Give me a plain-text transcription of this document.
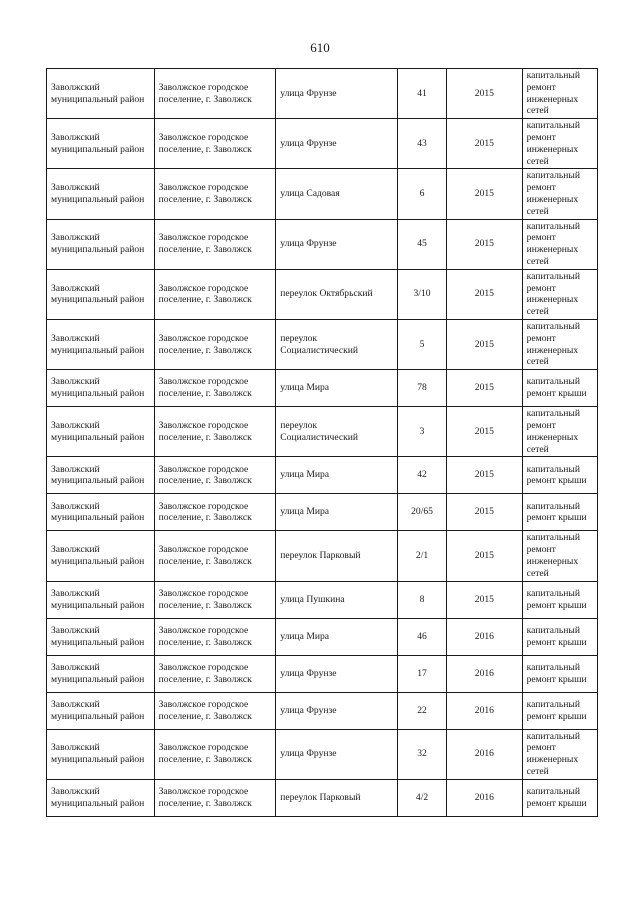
610
Заволжский муниципальный район	Заволжское городское поселение, г. Заволжск	улица Фрунзе	41	2015	капитальный ремонт инженерных сетей
Заволжский муниципальный район	Заволжское городское поселение, г. Заволжск	улица Фрунзе	43	2015	капитальный ремонт инженерных сетей
Заволжский муниципальный район	Заволжское городское поселение, г. Заволжск	улица Садовая	6	2015	капитальный ремонт инженерных сетей
Заволжский муниципальный район	Заволжское городское поселение, г. Заволжск	улица Фрунзе	45	2015	капитальный ремонт инженерных сетей
Заволжский муниципальный район	Заволжское городское поселение, г. Заволжск	переулок Октябрьский	3/10	2015	капитальный ремонт инженерных сетей
Заволжский муниципальный район	Заволжское городское поселение, г. Заволжск	переулок Социалистический	5	2015	капитальный ремонт инженерных сетей
Заволжский муниципальный район	Заволжское городское поселение, г. Заволжск	улица Мира	78	2015	капитальный ремонт крыши
Заволжский муниципальный район	Заволжское городское поселение, г. Заволжск	переулок Социалистический	3	2015	капитальный ремонт инженерных сетей
Заволжский муниципальный район	Заволжское городское поселение, г. Заволжск	улица Мира	42	2015	капитальный ремонт крыши
Заволжский муниципальный район	Заволжское городское поселение, г. Заволжск	улица Мира	20/65	2015	капитальный ремонт крыши
Заволжский муниципальный район	Заволжское городское поселение, г. Заволжск	переулок Парковый	2/1	2015	капитальный ремонт инженерных сетей
Заволжский муниципальный район	Заволжское городское поселение, г. Заволжск	улица Пушкина	8	2015	капитальный ремонт крыши
Заволжский муниципальный район	Заволжское городское поселение, г. Заволжск	улица Мира	46	2016	капитальный ремонт крыши
Заволжский муниципальный район	Заволжское городское поселение, г. Заволжск	улица Фрунзе	17	2016	капитальный ремонт крыши
Заволжский муниципальный район	Заволжское городское поселение, г. Заволжск	улица Фрунзе	22	2016	капитальный ремонт крыши
Заволжский муниципальный район	Заволжское городское поселение, г. Заволжск	улица Фрунзе	32	2016	капитальный ремонт инженерных сетей
Заволжский муниципальный район	Заволжское городское поселение, г. Заволжск	переулок Парковый	4/2	2016	капитальный ремонт крыши
